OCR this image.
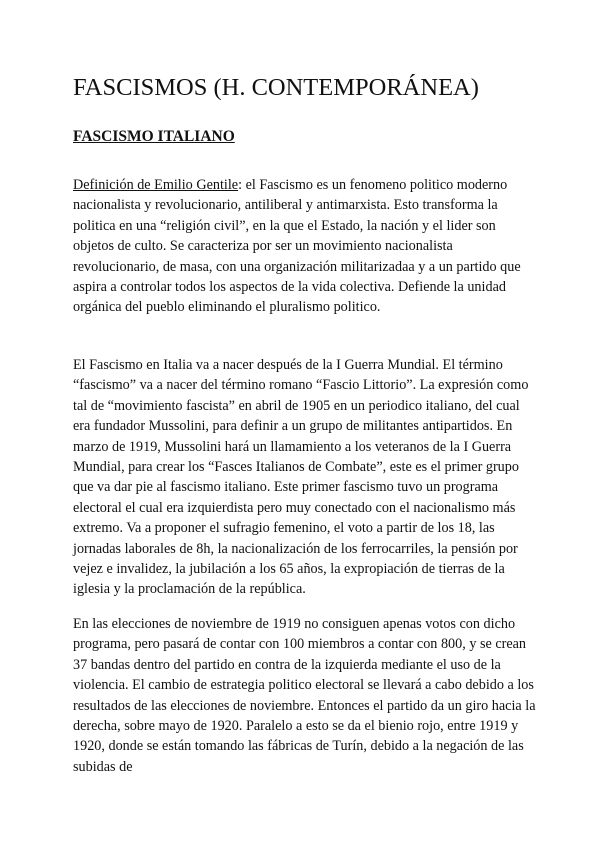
FASCISMOS (H. CONTEMPORÁNEA)
FASCISMO ITALIANO

Definición de Emilio Gentile: el Fascismo es un fenomeno politico moderno nacionalista y revolucionario, antiliberal y antimarxista. Esto transforma la politica en una “religión civil”, en la que el Estado, la nación y el lider son objetos de culto. Se caracteriza por ser un movimiento nacionalista revolucionario, de masa, con una organización militarizadaa y a un partido que aspira a controlar todos los aspectos de la vida colectiva. Defiende la unidad orgánica del pueblo eliminando el pluralismo politico.

El Fascismo en Italia va a nacer después de la I Guerra Mundial. El término “fascismo” va a nacer del término romano “Fascio Littorio”. La expresión como tal de “movimiento fascista” en abril de 1905 en un periodico italiano, del cual era fundador Mussolini, para definir a un grupo de militantes antipartidos. En marzo de 1919, Mussolini hará un llamamiento a los veteranos de la I Guerra Mundial, para crear los “Fasces Italianos de Combate”, este es el primer grupo que va dar pie al fascismo italiano. Este primer fascismo tuvo un programa electoral el cual era izquierdista pero muy conectado con el nacionalismo más extremo. Va a proponer el sufragio femenino, el voto a partir de los 18, las jornadas laborales de 8h, la nacionalización de los ferrocarriles, la pensión por vejez e invalidez, la jubilación a los 65 años, la expropiación de tierras de la iglesia y la proclamación de la república.

En las elecciones de noviembre de 1919 no consiguen apenas votos con dicho programa, pero pasará de contar con 100 miembros a contar con 800, y se crean 37 bandas dentro del partido en contra de la izquierda mediante el uso de la violencia. El cambio de estrategia politico electoral se llevará a cabo debido a los resultados de las elecciones de noviembre. Entonces el partido da un giro hacia la derecha, sobre mayo de 1920. Paralelo a esto se da el bienio rojo, entre 1919 y 1920, donde se están tomando las fábricas de Turín, debido a la negación de las subidas de
